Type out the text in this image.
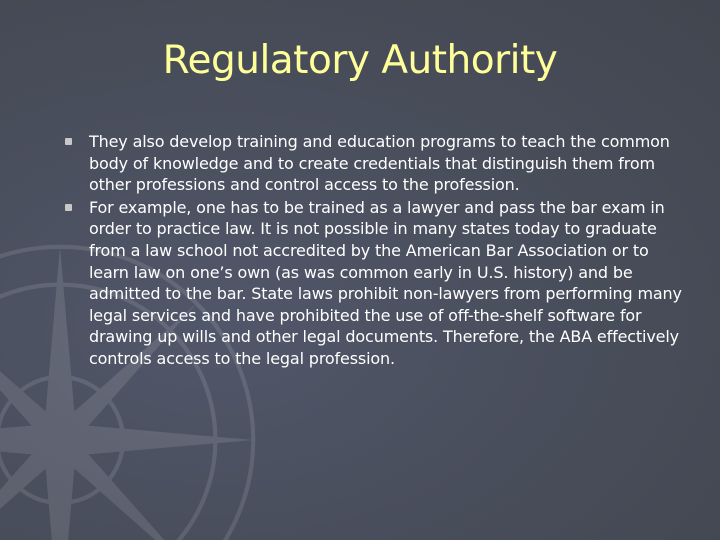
Regulatory Authority
They also develop training and education programs to teach the common body of knowledge and to create credentials that distinguish them from other professions and control access to the profession.
For example, one has to be trained as a lawyer and pass the bar exam in order to practice law. It is not possible in many states today to graduate from a law school not accredited by the American Bar Association or to learn law on one’s own (as was common early in U.S. history) and be admitted to the bar. State laws prohibit non-lawyers from performing many legal services and have prohibited the use of off-the-shelf software for drawing up wills and other legal documents. Therefore, the ABA effectively controls access to the legal profession.
